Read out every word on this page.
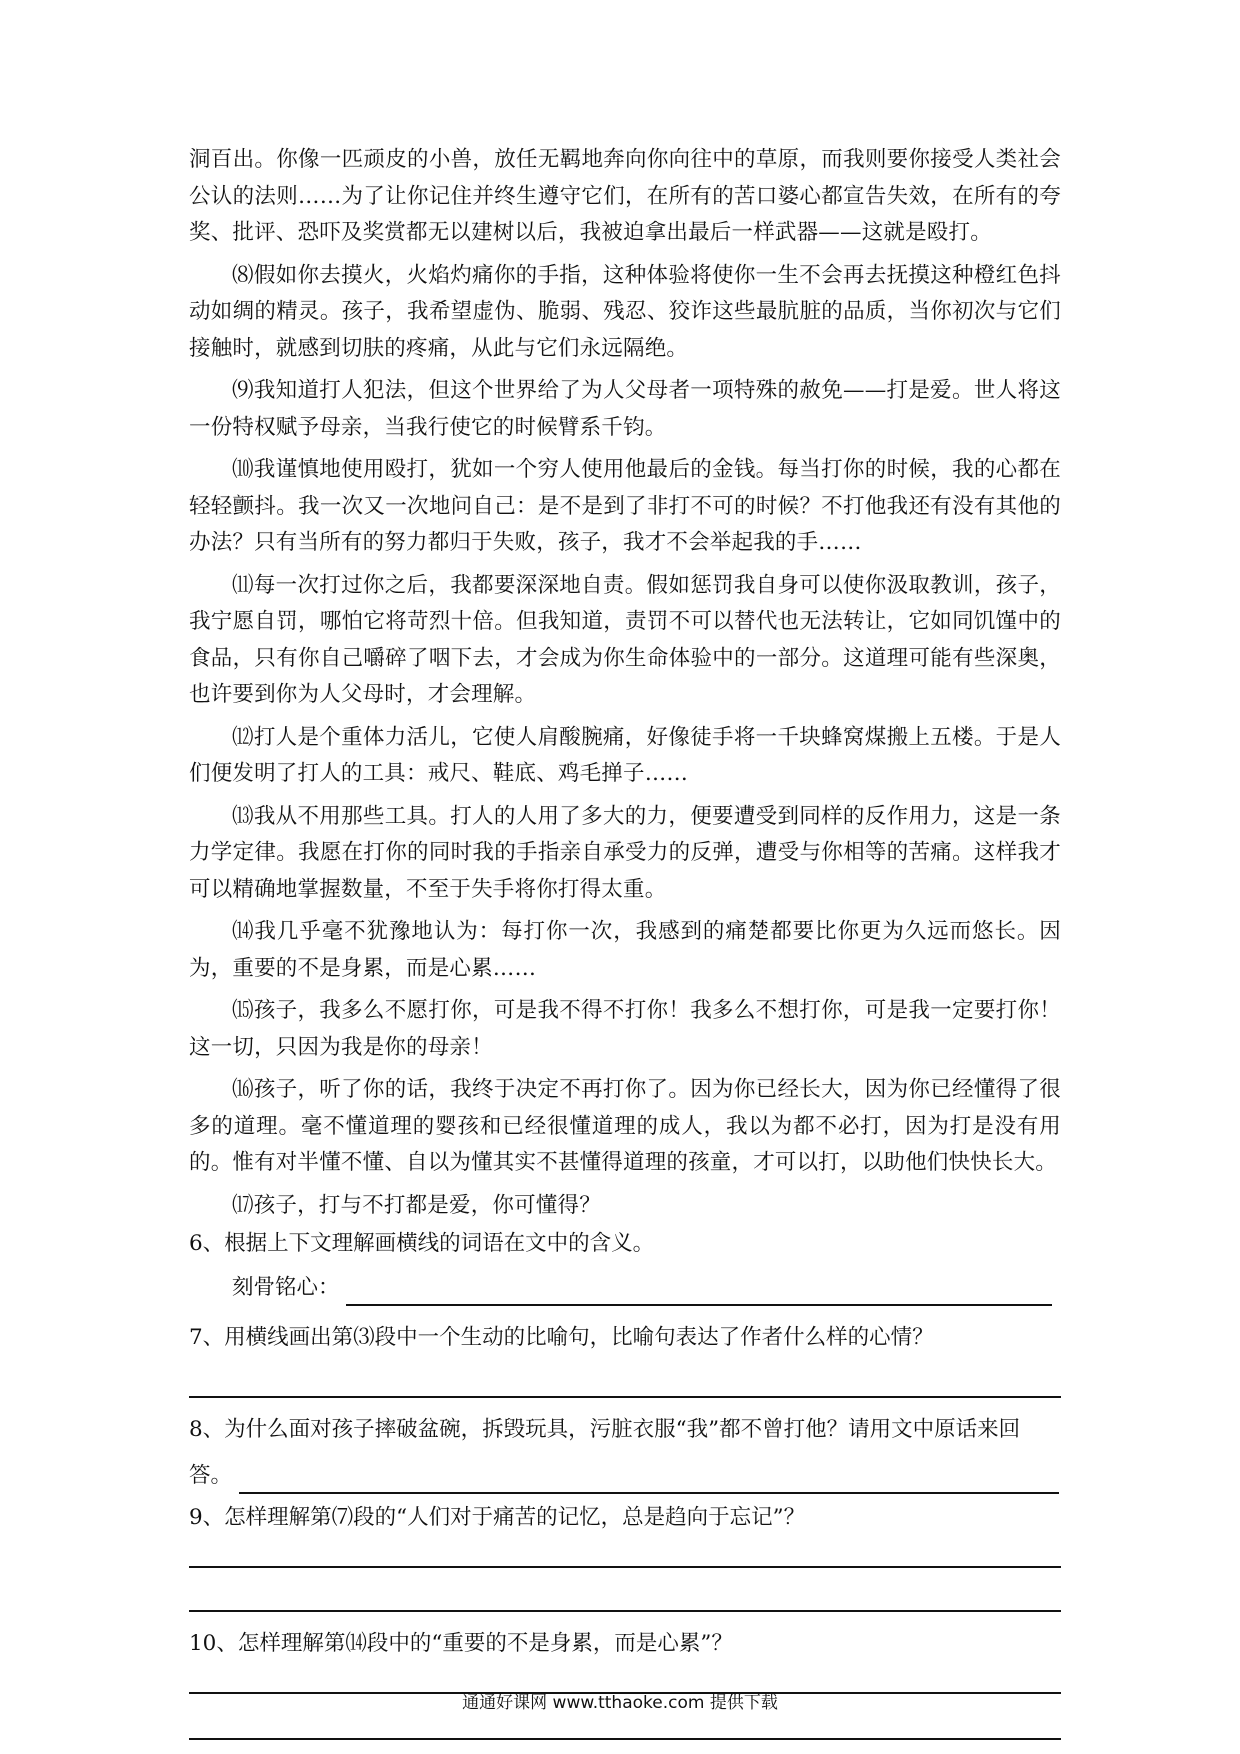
洞百出。你像一匹顽皮的小兽，放任无羁地奔向你向往中的草原，而我则要你接受人类社会公认的法则……为了让你记住并终生遵守它们，在所有的苦口婆心都宣告失效，在所有的夸奖、批评、恐吓及奖赏都无以建树以后，我被迫拿出最后一样武器——这就是殴打。

⑻假如你去摸火，火焰灼痛你的手指，这种体验将使你一生不会再去抚摸这种橙红色抖动如绸的精灵。孩子，我希望虚伪、脆弱、残忍、狡诈这些最肮脏的品质，当你初次与它们接触时，就感到切肤的疼痛，从此与它们永远隔绝。

⑼我知道打人犯法，但这个世界给了为人父母者一项特殊的赦免——打是爱。世人将这一份特权赋予母亲，当我行使它的时候臂系千钧。

⑽我谨慎地使用殴打，犹如一个穷人使用他最后的金钱。每当打你的时候，我的心都在轻轻颤抖。我一次又一次地问自己：是不是到了非打不可的时候？不打他我还有没有其他的办法？只有当所有的努力都归于失败，孩子，我才不会举起我的手……

⑾每一次打过你之后，我都要深深地自责。假如惩罚我自身可以使你汲取教训，孩子，我宁愿自罚，哪怕它将苛烈十倍。但我知道，责罚不可以替代也无法转让，它如同饥馑中的食品，只有你自己嚼碎了咽下去，才会成为你生命体验中的一部分。这道理可能有些深奥，也许要到你为人父母时，才会理解。

⑿打人是个重体力活儿，它使人肩酸腕痛，好像徒手将一千块蜂窝煤搬上五楼。于是人们便发明了打人的工具：戒尺、鞋底、鸡毛掸子……

⒀我从不用那些工具。打人的人用了多大的力，便要遭受到同样的反作用力，这是一条力学定律。我愿在打你的同时我的手指亲自承受力的反弹，遭受与你相等的苦痛。这样我才可以精确地掌握数量，不至于失手将你打得太重。

⒁我几乎毫不犹豫地认为：每打你一次，我感到的痛楚都要比你更为久远而悠长。因为，重要的不是身累，而是心累……

⒂孩子，我多么不愿打你，可是我不得不打你！我多么不想打你，可是我一定要打你！这一切，只因为我是你的母亲！

⒃孩子，听了你的话，我终于决定不再打你了。因为你已经长大，因为你已经懂得了很多的道理。毫不懂道理的婴孩和已经很懂道理的成人，我以为都不必打，因为打是没有用的。惟有对半懂不懂、自以为懂其实不甚懂得道理的孩童，才可以打，以助他们快快长大。

⒄孩子，打与不打都是爱，你可懂得？

6、根据上下文理解画横线的词语在文中的含义。

刻骨铭心：

7、用横线画出第⑶段中一个生动的比喻句，比喻句表达了作者什么样的心情？

8、为什么面对孩子摔破盆碗，拆毁玩具，污脏衣服“我”都不曾打他？请用文中原话来回

答。

9、怎样理解第⑺段的“人们对于痛苦的记忆，总是趋向于忘记”？

10、怎样理解第⒁段中的“重要的不是身累，而是心累”？

通通好课网 www.tthaoke.com 提供下载
